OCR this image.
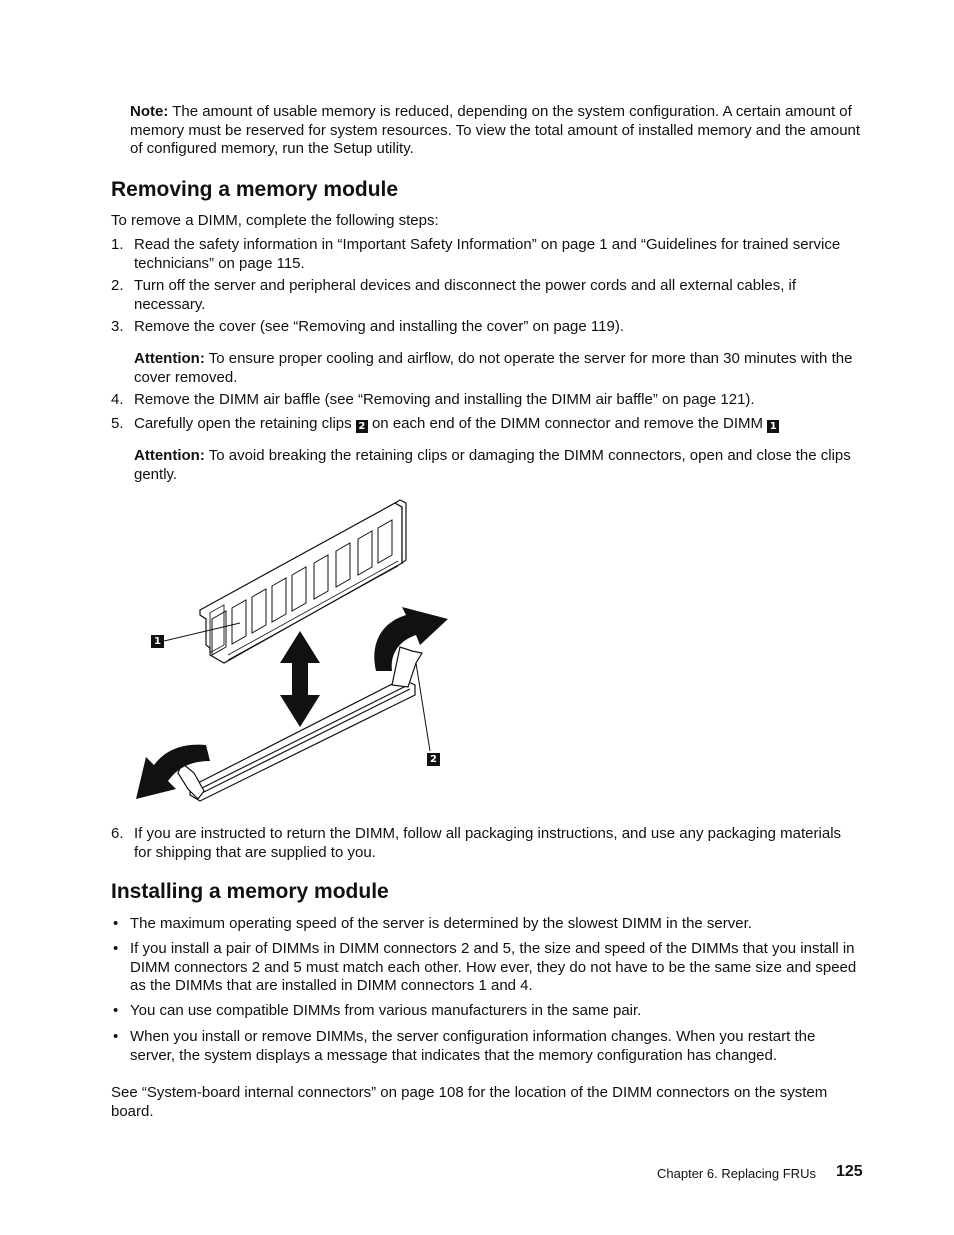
Note: The amount of usable memory is reduced, depending on the system configuration. A certain amount of memory must be reserved for system resources. To view the total amount of installed memory and the amount of configured memory, run the Setup utility.

Removing a memory module

To remove a DIMM, complete the following steps:

1. Read the safety information in “Important Safety Information” on page 1 and “Guidelines for trained service technicians” on page 115.
2. Turn off the server and peripheral devices and disconnect the power cords and all external cables, if necessary.
3. Remove the cover (see “Removing and installing the cover” on page 119).

Attention: To ensure proper cooling and airflow, do not operate the server for more than 30 minutes with the cover removed.

4. Remove the DIMM air baffle (see “Removing and installing the DIMM air baffle” on page 121).
5. Carefully open the retaining clips 2 on each end of the DIMM connector and remove the DIMM 1

Attention: To avoid breaking the retaining clips or damaging the DIMM connectors, open and close the clips gently.

1
2
6. If you are instructed to return the DIMM, follow all packaging instructions, and use any packaging materials for shipping that are supplied to you.
Installing a memory module
• The maximum operating speed of the server is determined by the slowest DIMM in the server.
• If you install a pair of DIMMs in DIMM connectors 2 and 5, the size and speed of the DIMMs that you install in DIMM connectors 2 and 5 must match each other. How ever, they do not have to be the same size and speed as the DIMMs that are installed in DIMM connectors 1 and 4.
• You can use compatible DIMMs from various manufacturers in the same pair.
• When you install or remove DIMMs, the server configuration information changes. When you restart the server, the system displays a message that indicates that the memory configuration has changed.

See “System-board internal connectors” on page 108 for the location of the DIMM connectors on the system board.

Chapter 6. Replacing FRUs 125
